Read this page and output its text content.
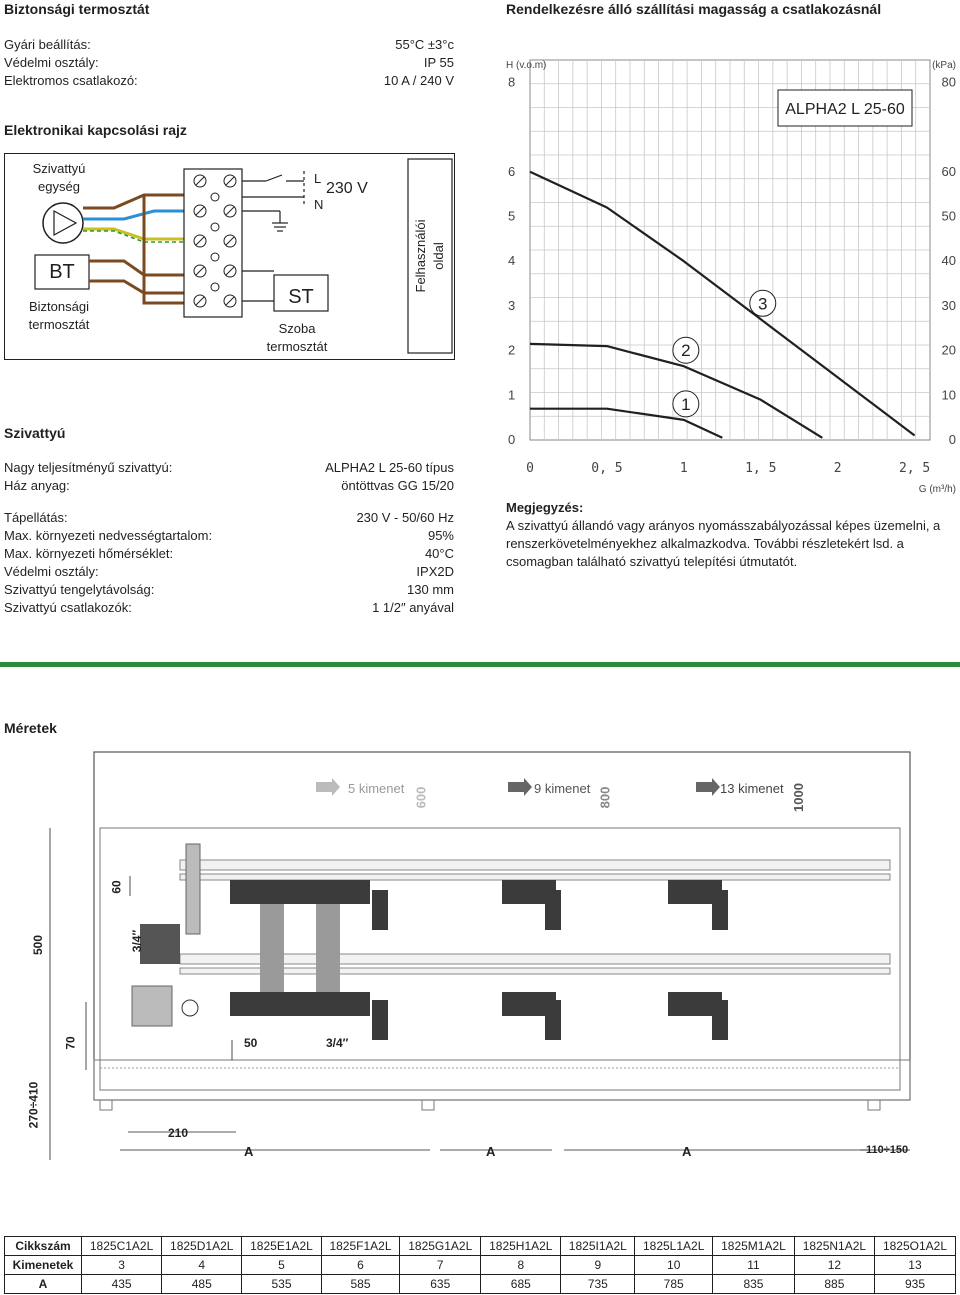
Biztonsági termosztát
Gyári beállítás:	55°C ±3°c
Védelmi osztály:	IP 55
Elektromos csatlakozó:	10 A / 240 V
Elektronikai kapcsolási rajz
Szivattyú
egység
BT
Biztonsági
termosztát
ST
Szoba
termosztát
L
N
230 V
Felhasználói oldal
Szivattyú
Nagy teljesítményű szivattyú:	ALPHA2 L 25-60 típus
Ház anyag:	öntöttvas GG 15/20
Tápellátás:	230 V - 50/60 Hz
Max. környezeti nedvességtartalom:	95%
Max. környezeti hőmérséklet:	40°C
Védelmi osztály:	IPX2D
Szivattyú tengelytávolság:	130 mm
Szivattyú csatlakozók:	1 1/2″ anyával
Rendelkezésre álló szállítási magasság a csatlakozásnál
0
1
2
3
4
5
6
8
0
10
20
30
40
50
60
80
0	0, 5	1	1, 5	2	2, 5
H (v.o.m)	(kPa)
G (m³/h)
ALPHA2 L 25-60
1
2
3
Megjegyzés:
A szivattyú állandó vagy arányos nyomásszabályozással képes üzemelni, a renszerkövetelményekhez alkalmazkodva. További részletekért lsd. a csomagban található szivattyú telepítési útmutatót.
Méretek
5 kimenet 600	9 kimenet 800	13 kimenet 1000
500
60
3/4″
70
270÷410
50	3/4″
210
A	A	A	110÷150
Cikkszám	1825C1A2L	1825D1A2L	1825E1A2L	1825F1A2L	1825G1A2L	1825H1A2L	1825I1A2L	1825L1A2L	1825M1A2L	1825N1A2L	1825O1A2L
Kimenetek	3	4	5	6	7	8	9	10	11	12	13
A	435	485	535	585	635	685	735	785	835	885	935
